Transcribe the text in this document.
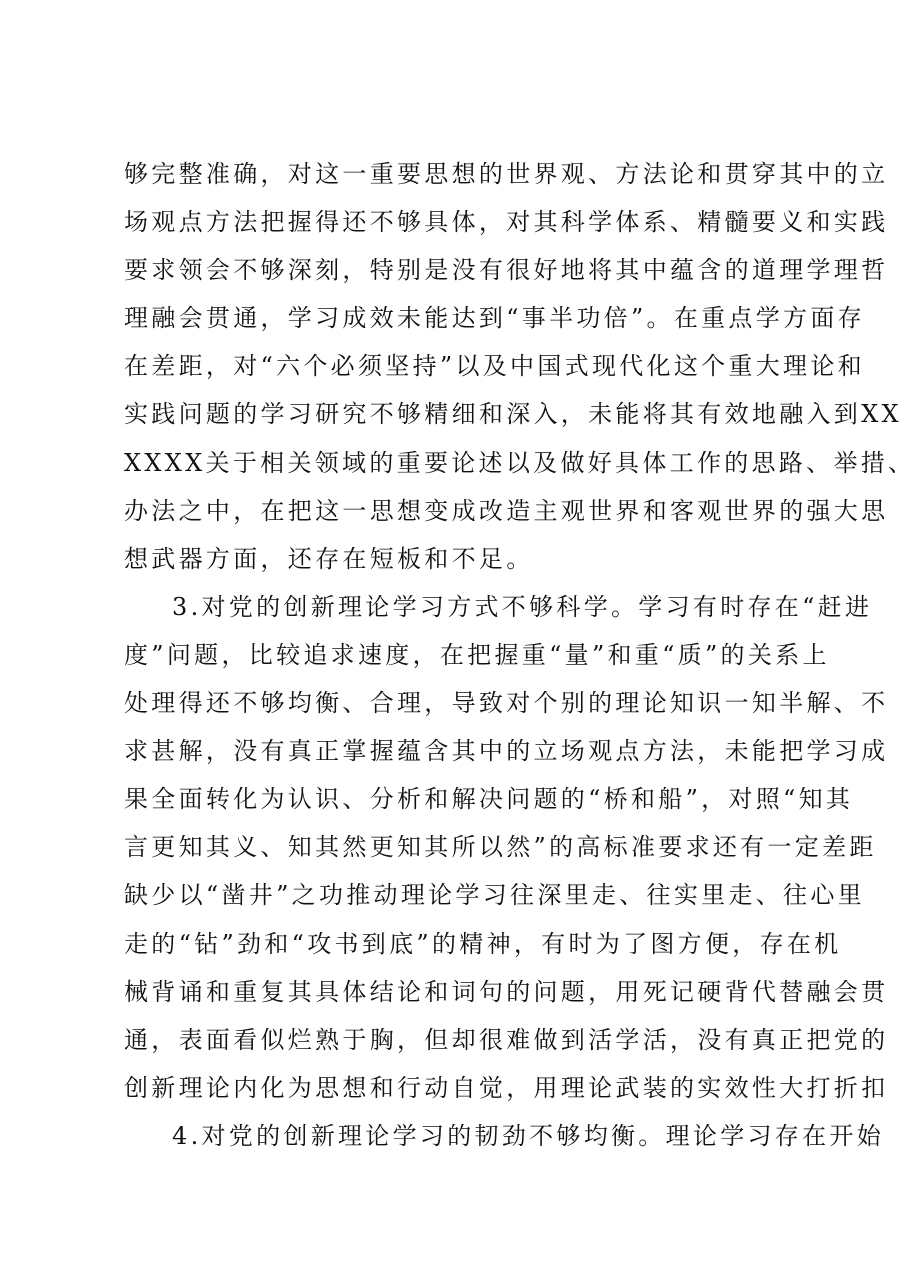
够完整准确，对这一重要思想的世界观、方法论和贯穿其中的立
场观点方法把握得还不够具体，对其科学体系、精髓要义和实践
要求领会不够深刻，特别是没有很好地将其中蕴含的道理学理哲
理融会贯通，学习成效未能达到“事半功倍”。在重点学方面存
在差距，对“六个必须坚持”以及中国式现代化这个重大理论和
实践问题的学习研究不够精细和深入，未能将其有效地融入到XX
XXXX关于相关领域的重要论述以及做好具体工作的思路、举措、
办法之中，在把这一思想变成改造主观世界和客观世界的强大思
想武器方面，还存在短板和不足。
3.对党的创新理论学习方式不够科学。学习有时存在“赶进
度”问题，比较追求速度，在把握重“量”和重“质”的关系上
处理得还不够均衡、合理，导致对个别的理论知识一知半解、不
求甚解，没有真正掌握蕴含其中的立场观点方法，未能把学习成
果全面转化为认识、分析和解决问题的“桥和船”，对照“知其
言更知其义、知其然更知其所以然”的高标准要求还有一定差距
缺少以“凿井”之功推动理论学习往深里走、往实里走、往心里
走的“钻”劲和“攻书到底”的精神，有时为了图方便，存在机
械背诵和重复其具体结论和词句的问题，用死记硬背代替融会贯
通，表面看似烂熟于胸，但却很难做到活学活，没有真正把党的
创新理论内化为思想和行动自觉，用理论武装的实效性大打折扣
4.对党的创新理论学习的韧劲不够均衡。理论学习存在开始
